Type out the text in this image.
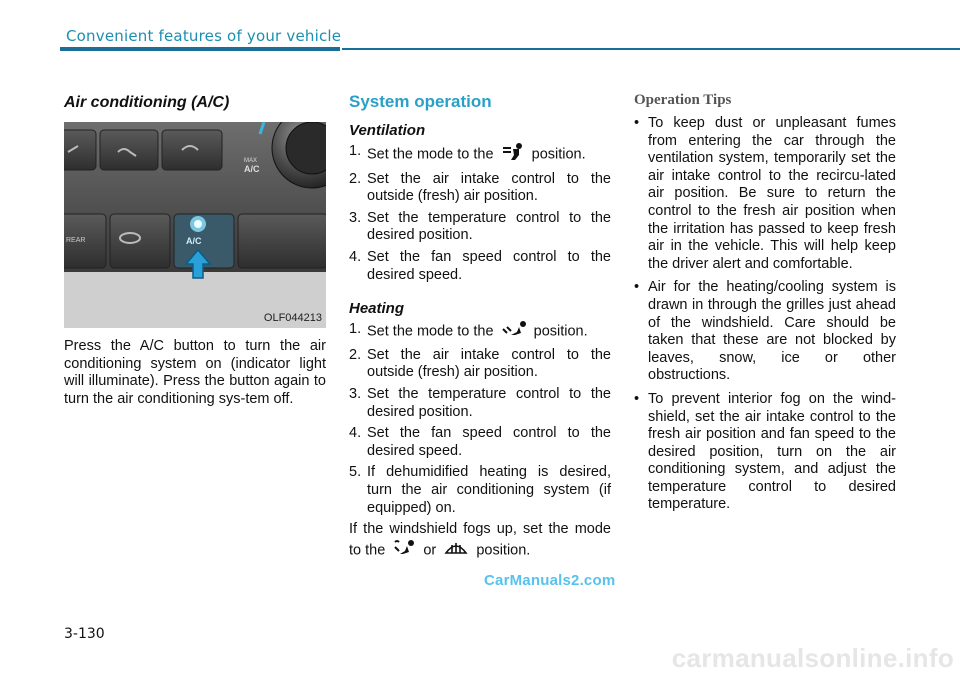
Convenient features of your vehicle
Air conditioning (A/C)
MAX
A/C
REAR	A/C
OLF044213

Press the A/C button to turn the air conditioning system on (indicator light will illuminate). Press the button again to turn the air conditioning sys-tem off.

System operation
Ventilation
1. Set the mode to the	position.
2. Set the air intake control to the outside (fresh) air position.
3. Set the temperature control to the desired position.
4. Set the fan speed control to the desired speed.
Heating
1. Set the mode to the	position.
2. Set the air intake control to the outside (fresh) air position.
3. Set the temperature control to the desired position.
4. Set the fan speed control to the desired speed.
5. If dehumidified heating is desired, turn the air conditioning system (if equipped) on.

If the windshield fogs up, set the mode to the	or	position.

Operation Tips
• To keep dust or unpleasant fumes from entering the car through the ventilation system, temporarily set the air intake control to the recircu-lated air position. Be sure to return the control to the fresh air position when the irritation has passed to keep fresh air in the vehicle. This will help keep the driver alert and comfortable.
• Air for the heating/cooling system is drawn in through the grilles just ahead of the windshield. Care should be taken that these are not blocked by leaves, snow, ice or other obstructions.
• To prevent interior fog on the wind-shield, set the air intake control to the fresh air position and fan speed to the desired position, turn on the air conditioning system, and adjust the temperature control to desired temperature.
CarManuals2.com
3-130
carmanualsonline.info
